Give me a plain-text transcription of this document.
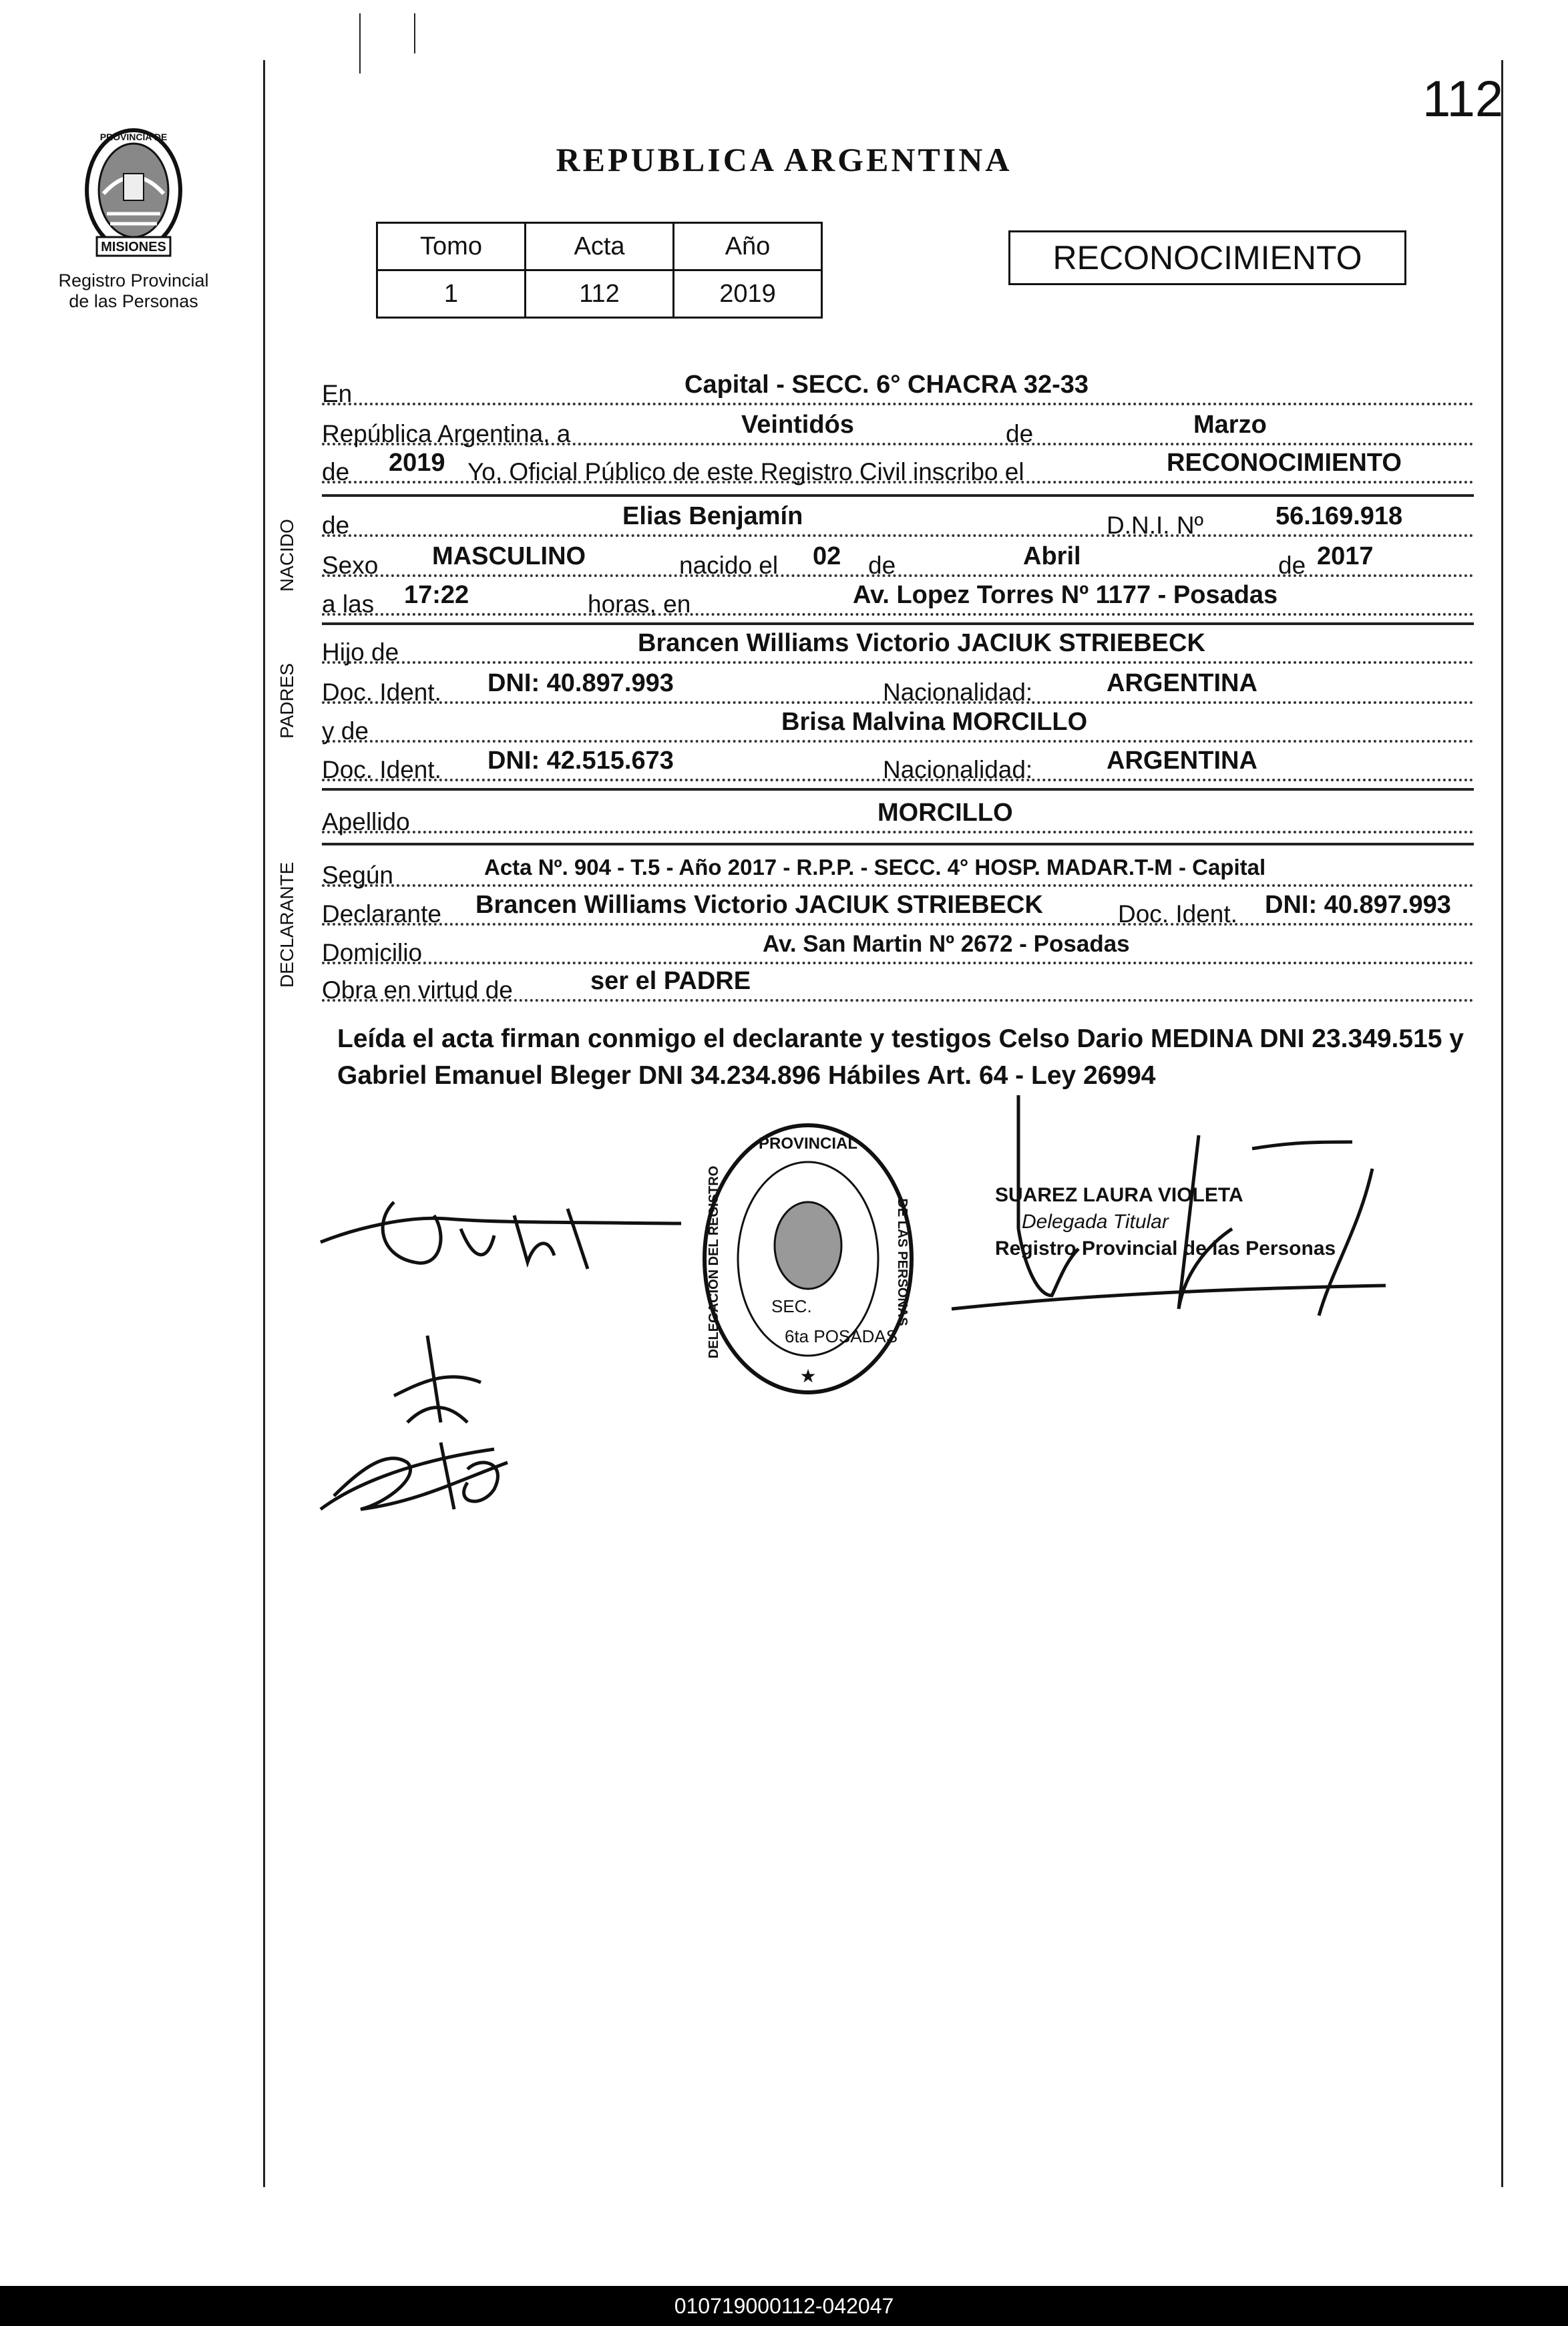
112
MISIONES
PROVINCIA DE
Registro Provincial
de las Personas
REPUBLICA ARGENTINA
Tomo	Acta	Año
1	112	2019
RECONOCIMIENTO
NACIDO
PADRES
DECLARANTE
En	Capital - SECC. 6° CHACRA 32-33
República Argentina, a	Veintidós	de	Marzo
de 2019 Yo, Oficial Público de este Registro Civil inscribo el	RECONOCIMIENTO
de	Elias Benjamín	D.N.I. Nº	56.169.918
Sexo MASCULINO	nacido el 02 de	Abril	de 2017
a las 17:22	horas, en	Av. Lopez Torres Nº 1177 - Posadas
Hijo de	Brancen Williams Victorio JACIUK STRIEBECK
Doc. Ident. DNI: 40.897.993	Nacionalidad:	ARGENTINA
y de	Brisa Malvina MORCILLO
Doc. Ident. DNI: 42.515.673	Nacionalidad:	ARGENTINA
Apellido	MORCILLO
Según	Acta Nº. 904 - T.5 - Año 2017 - R.P.P. - SECC. 4° HOSP. MADAR.T-M - Capital
Declarante Brancen Williams Victorio JACIUK STRIEBECK	Doc. Ident. DNI: 40.897.993
Domicilio	Av. San Martin Nº 2672 - Posadas
Obra en virtud de	ser el PADRE
Leída el acta firman conmigo el declarante y testigos Celso Dario MEDINA DNI 23.349.515 y Gabriel Emanuel Bleger DNI 34.234.896 Hábiles Art. 64 - Ley 26994
PROVINCIAL
DELEGACION DEL REGISTRO	DE LAS PERSONAS
SEC.
6ta POSADAS
★
SUAREZ LAURA VIOLETA
Delegada Titular
Registro Provincial de las Personas
010719000112-042047
